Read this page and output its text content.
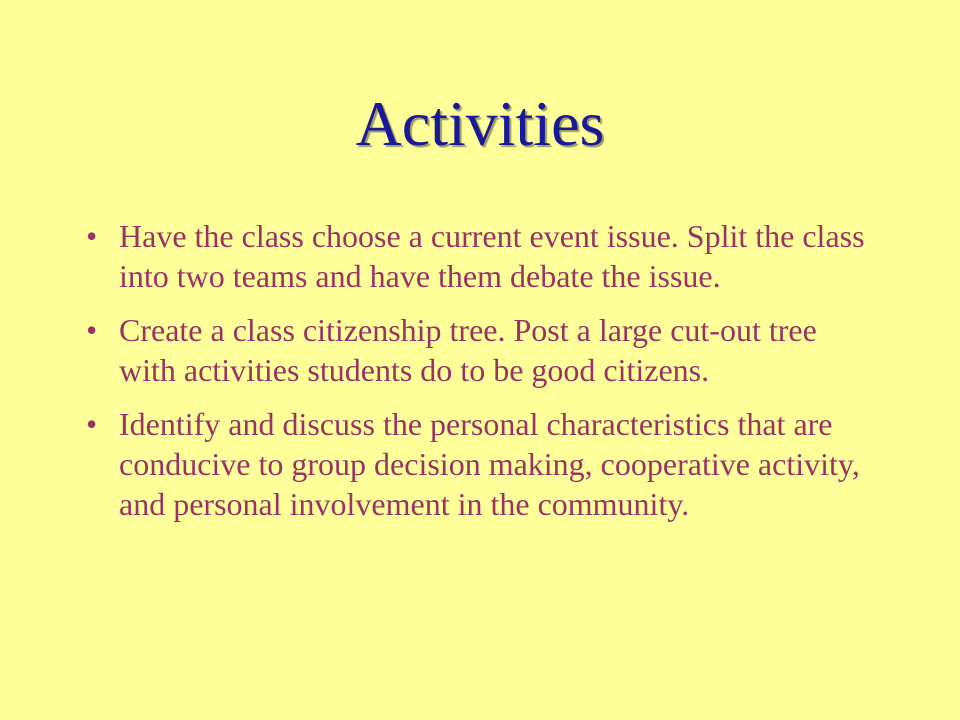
Activities
• Have the class choose a current event issue. Split the class into two teams and have them debate the issue.
• Create a class citizenship tree. Post a large cut-out tree with activities students do to be good citizens.
• Identify and discuss the personal characteristics that are conducive to group decision making, cooperative activity, and personal involvement in the community.
